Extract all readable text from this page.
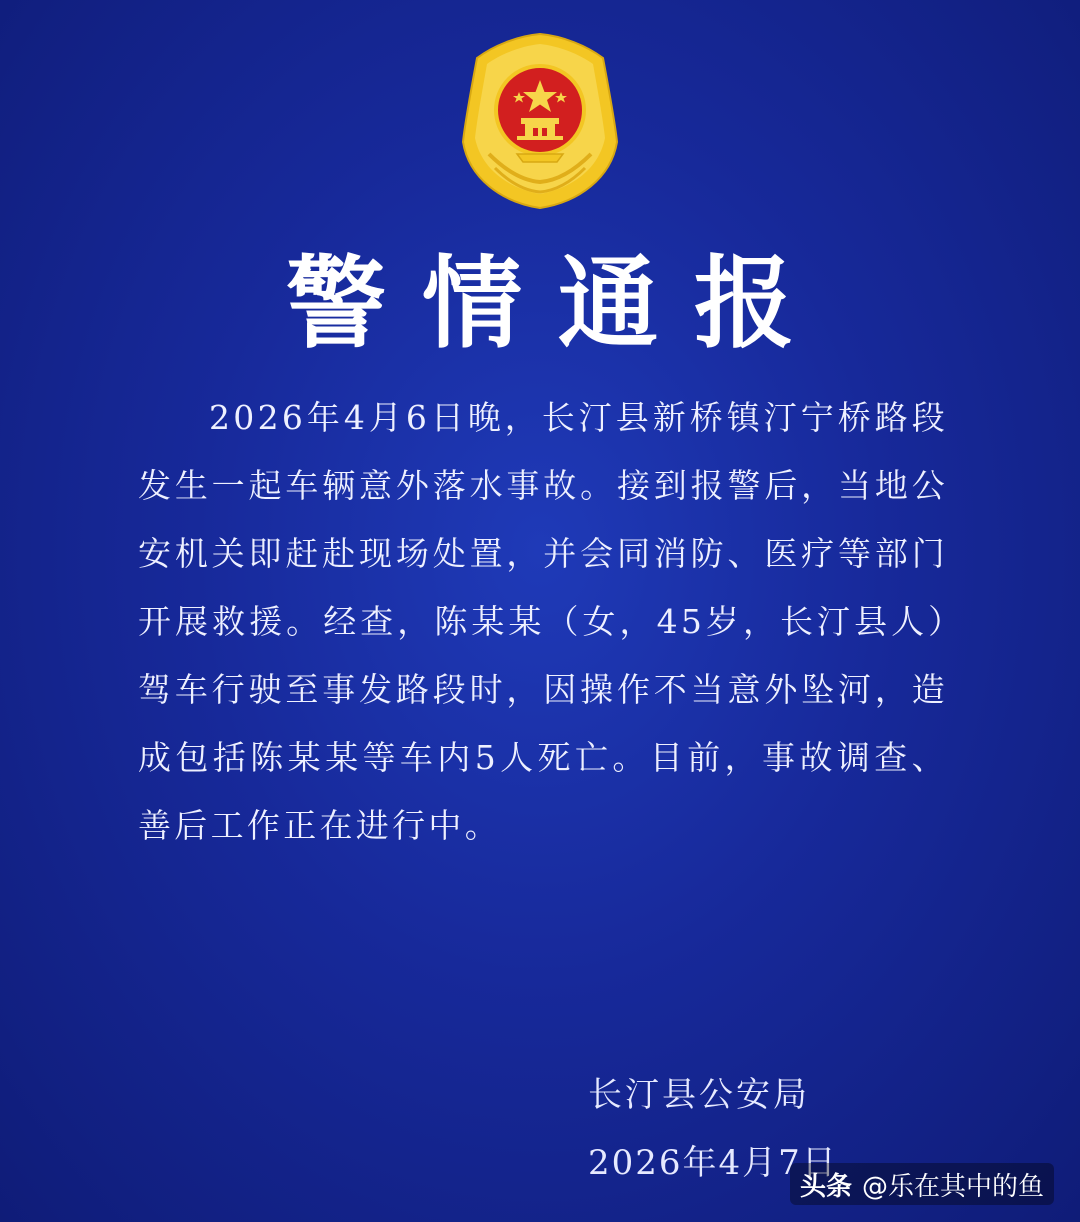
警情通报

2026年4月6日晚，长汀县新桥镇汀宁桥路段发生一起车辆意外落水事故。接到报警后，当地公安机关即赶赴现场处置，并会同消防、医疗等部门开展救援。经查，陈某某（女，45岁，长汀县人）驾车行驶至事发路段时，因操作不当意外坠河，造成包括陈某某等车内5人死亡。目前，事故调查、善后工作正在进行中。

长汀县公安局
2026年4月7日
头条 @乐在其中的鱼
